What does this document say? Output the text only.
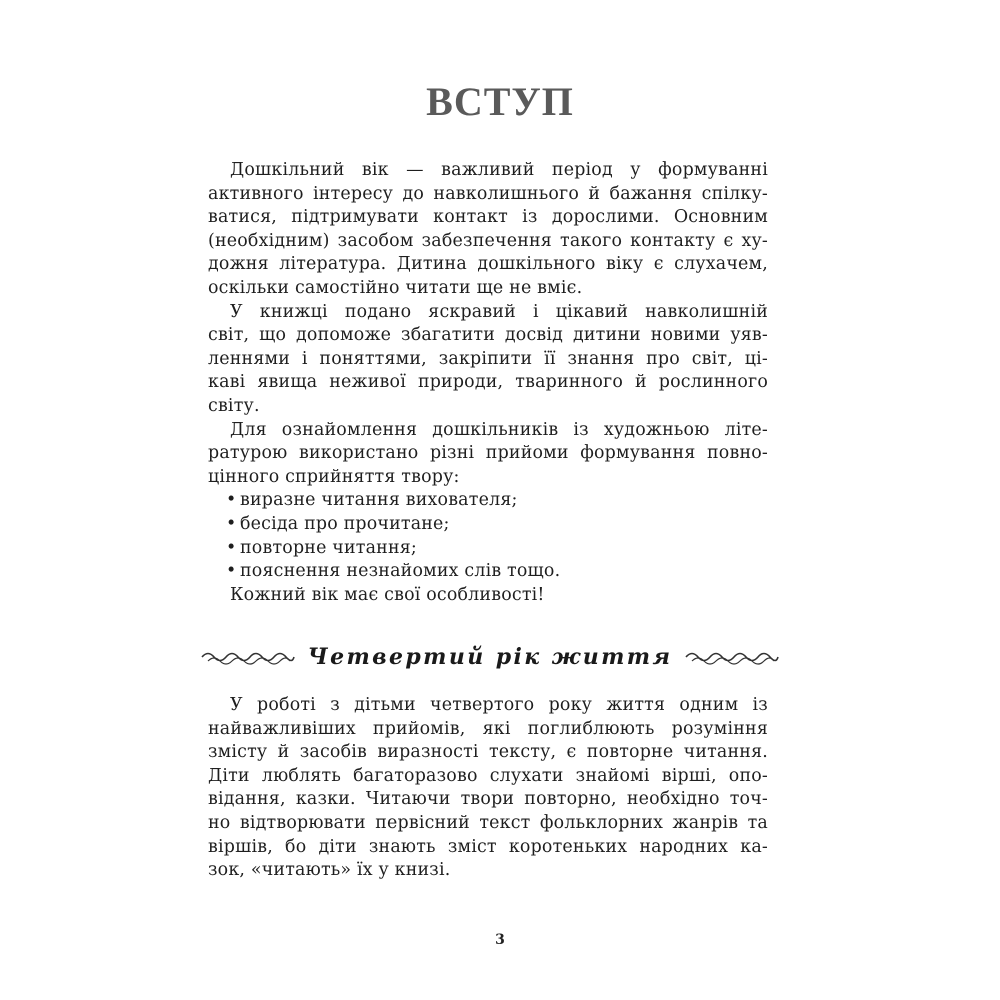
ВСТУП
Дошкільний вік — важливий період у формуванні
активного інтересу до навколишнього й бажання спілку-
ватися, підтримувати контакт із дорослими. Основним
(необхідним) засобом забезпечення такого контакту є ху-
дожня література. Дитина дошкільного віку є слухачем,
оскільки самостійно читати ще не вміє.
У книжці подано яскравий і цікавий навколишній
світ, що допоможе збагатити досвід дитини новими уяв-
леннями і поняттями, закріпити її знання про світ, ці-
каві явища неживої природи, тваринного й рослинного
світу.
Для ознайомлення дошкільників із художньою літе-
ратурою використано різні прийоми формування повно-
цінного сприйняття твору:
• виразне читання вихователя;
• бесіда про прочитане;
• повторне читання;
• пояснення незнайомих слів тощо.
Кожний вік має свої особливості!
Четвертий рік життя
У роботі з дітьми четвертого року життя одним із
найважливіших прийомів, які поглиблюють розуміння
змісту й засобів виразності тексту, є повторне читання.
Діти люблять багаторазово слухати знайомі вірші, опо-
відання, казки. Читаючи твори повторно, необхідно точ-
но відтворювати первісний текст фольклорних жанрів та
віршів, бо діти знають зміст коротеньких народних ка-
зок, «читають» їх у книзі.
3
